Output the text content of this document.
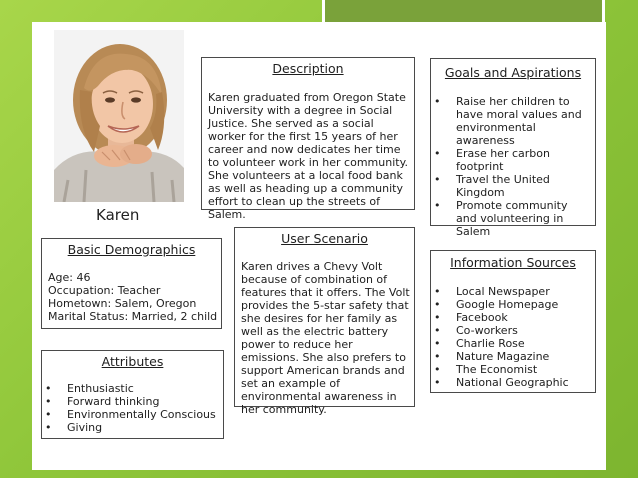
Karen
Description

Karen graduated from Oregon State University with a degree in Social Justice. She served as a social worker for the first 15 years of her career and now dedicates her time to volunteer work in her community. She volunteers at a local food bank as well as heading up a community effort to clean up the streets of Salem.

Goals and Aspirations
• Raise her children to have moral values and environmental awareness
• Erase her carbon footprint
• Travel the United Kingdom
• Promote community and volunteering in Salem
Basic Demographics

Age: 46

Occupation: Teacher

Hometown: Salem, Oregon

Marital Status: Married, 2 child

User Scenario

Karen drives a Chevy Volt because of combination of features that it offers. The Volt provides the 5-star safety that she desires for her family as well as the electric battery power to reduce her emissions. She also prefers to support American brands and set an example of environmental awareness in her community.

Information Sources
• Local Newspaper
• Google Homepage
• Facebook
• Co-workers
• Charlie Rose
• Nature Magazine
• The Economist
• National Geographic
Attributes
• Enthusiastic
• Forward thinking
• Environmentally Conscious
• Giving
